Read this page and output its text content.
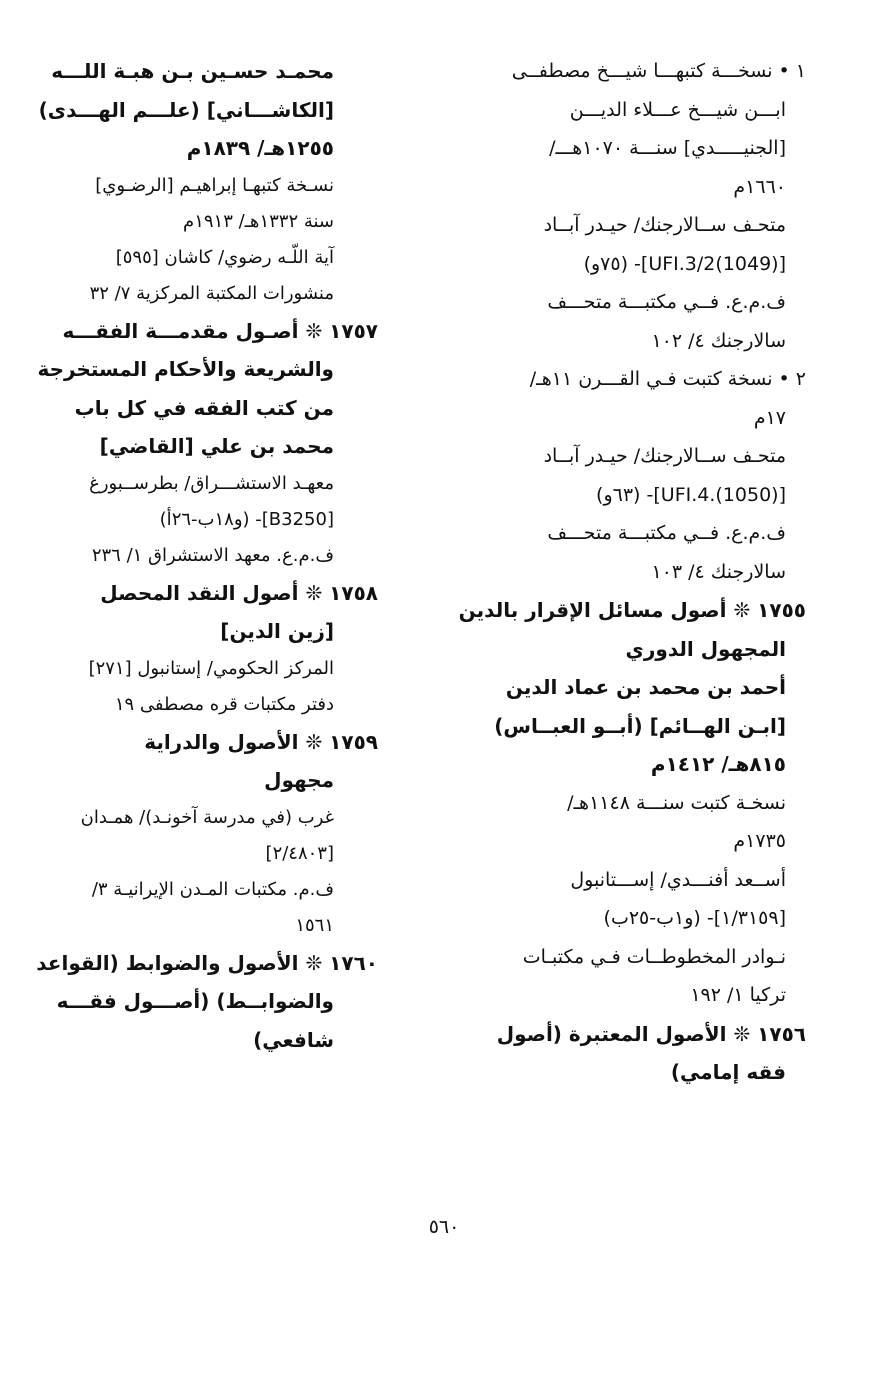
١ • نسخـــة كتبهـــا شيـــخ مصطفــى
ابـــن شيـــخ عـــلاء الديـــن
[الجنيـــــدي] سنـــة ١٠٧٠هـــ/
١٦٦٠م
متحـف ســالارجنك/ حيـدر آبــاد
[UFI.3/2(1049)]- (٧٥و)
ف.م.ع. فــي مكتبـــة متحـــف
سالارجنك ٤/ ١٠٢
٢ • نسخة كتبت فـي القـــرن ١١هـ/
١٧م
متحـف ســالارجنك/ حيـدر آبــاد
[UFI.4.(1050)]- (٦٣و)
ف.م.ع. فــي مكتبـــة متحـــف
سالارجنك ٤/ ١٠٣
١٧٥٥ ❊ أصول مسائل الإقرار بالدين
المجهول الدوري
أحمد بن محمد بن عماد الدين
[ابـن الهــائم] (أبــو العبــاس)
٨١٥هـ/ ١٤١٢م
نسخـة كتبت سنـــة ١١٤٨هـ/
١٧٣٥م
أســعد أفنـــدي/ إســـتانبول
[١/٣١٥٩]- (و١ب-٢٥ب)
نـوادر المخطوطــات فـي مكتبـات
تركيا ١/ ١٩٢
١٧٥٦ ❊ الأصول المعتبرة (أصول
فقه إمامي)
محمـد حسـين بـن هبـة اللـــه
[الكاشـــاني] (علـــم الهـــدى)
١٢٥٥هـ/ ١٨٣٩م
نسـخة كتبهـا إبراهيـم [الرضـوي]
سنة ١٣٣٢هـ/ ١٩١٣م
آية اللّـه رضوي/ كاشان [٥٩٥]
منشورات المكتبة المركزية ٧/ ٣٢
١٧٥٧ ❊ أصـول مقدمـــة الفقـــه
والشريعة والأحكام المستخرجة
من كتب الفقه في كل باب
محمد بن علي [القاضي]
معهـد الاستشـــراق/ بطرســبورغ
[B3250]- (و١٨ب-٢٦أ)
ف.م.ع. معهد الاستشراق ١/ ٢٣٦
١٧٥٨ ❊ أصول النقد المحصل
[زين الدين]
المركز الحكومي/ إستانبول [٢٧١]
دفتر مكتبات قره مصطفى ١٩
١٧٥٩ ❊ الأصول والدراية
مجهول
غرب (في مدرسة آخونـد)/ همـدان
[٢/٤٨٠٣]
ف.م. مكتبات المـدن الإيرانيـة ٣/
١٥٦١
١٧٦٠ ❊ الأصول والضوابط (القواعد
والضوابــط) (أصـــول فقـــه
شافعي)
٥٦٠
